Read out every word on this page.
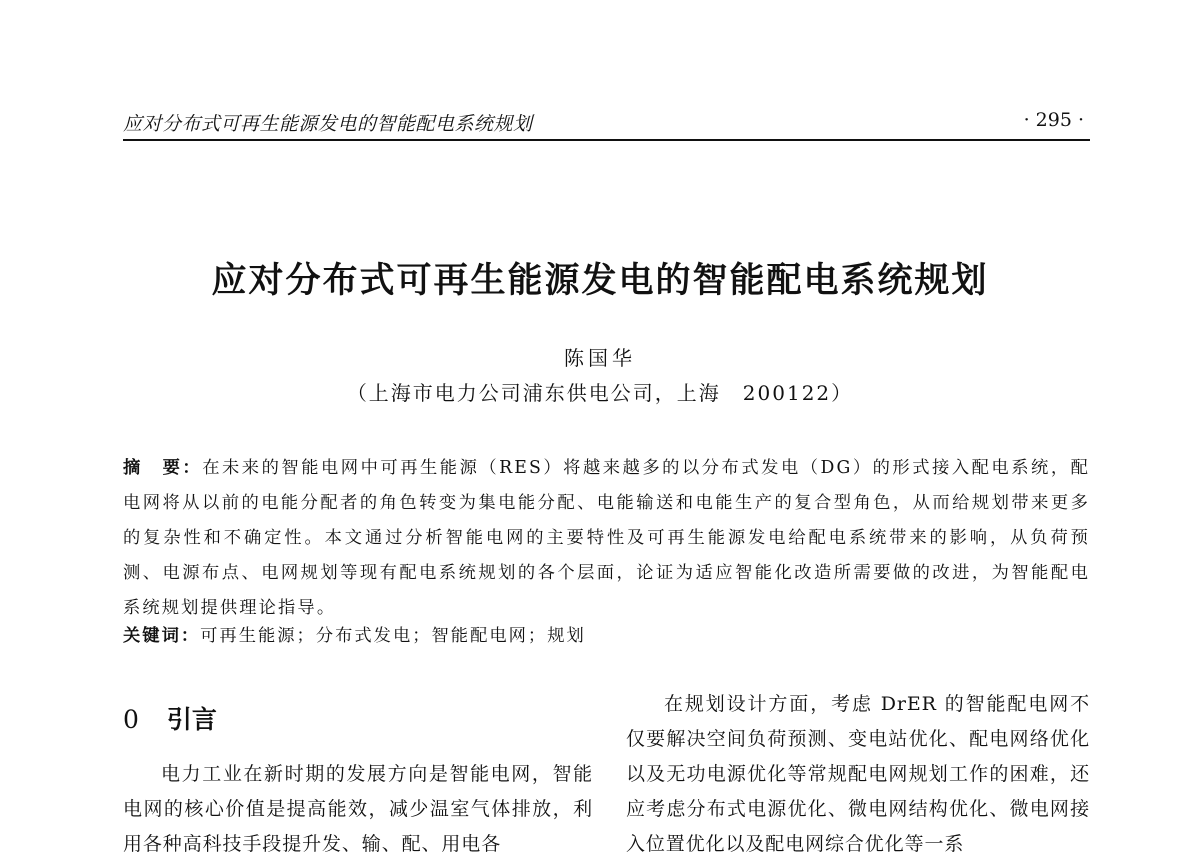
应对分布式可再生能源发电的智能配电系统规划	· 295 ·
应对分布式可再生能源发电的智能配电系统规划
陈国华
（上海市电力公司浦东供电公司，上海　200122）
摘　要：在未来的智能电网中可再生能源（RES）将越来越多的以分布式发电（DG）的形式接入配电系统，配电网将从以前的电能分配者的角色转变为集电能分配、电能输送和电能生产的复合型角色，从而给规划带来更多的复杂性和不确定性。本文通过分析智能电网的主要特性及可再生能源发电给配电系统带来的影响，从负荷预测、电源布点、电网规划等现有配电系统规划的各个层面，论证为适应智能化改造所需要做的改进，为智能配电系统规划提供理论指导。
关键词：可再生能源；分布式发电；智能配电网；规划
0 引言
电力工业在新时期的发展方向是智能电网，智能电网的核心价值是提高能效，减少温室气体排放，利用各种高科技手段提升发、输、配、用电各
在规划设计方面，考虑 DrER 的智能配电网不仅要解决空间负荷预测、变电站优化、配电网络优化以及无功电源优化等常规配电网规划工作的困难，还应考虑分布式电源优化、微电网结构优化、微电网接入位置优化以及配电网综合优化等一系
